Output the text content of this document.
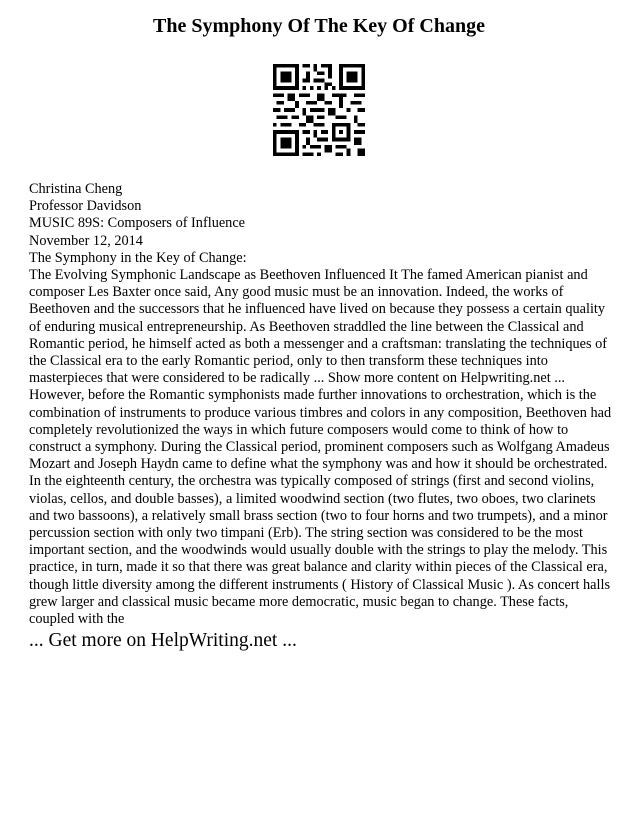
The Symphony Of The Key Of Change
Christina Cheng
Professor Davidson
MUSIC 89S: Composers of Influence
November 12, 2014
The Symphony in the Key of Change:
The Evolving Symphonic Landscape as Beethoven Influenced It The famed American pianist and composer Les Baxter once said, Any good music must be an innovation. Indeed, the works of Beethoven and the successors that he influenced have lived on because they possess a certain quality of enduring musical entrepreneurship. As Beethoven straddled the line between the Classical and Romantic period, he himself acted as both a messenger and a craftsman: translating the techniques of the Classical era to the early Romantic period, only to then transform these techniques into masterpieces that were considered to be radically ... Show more content on Helpwriting.net ... However, before the Romantic symphonists made further innovations to orchestration, which is the combination of instruments to produce various timbres and colors in any composition, Beethoven had completely revolutionized the ways in which future composers would come to think of how to construct a symphony. During the Classical period, prominent composers such as Wolfgang Amadeus Mozart and Joseph Haydn came to define what the symphony was and how it should be orchestrated. In the eighteenth century, the orchestra was typically composed of strings (first and second violins, violas, cellos, and double basses), a limited woodwind section (two flutes, two oboes, two clarinets and two bassoons), a relatively small brass section (two to four horns and two trumpets), and a minor percussion section with only two timpani (Erb). The string section was considered to be the most important section, and the woodwinds would usually double with the strings to play the melody. This practice, in turn, made it so that there was great balance and clarity within pieces of the Classical era, though little diversity among the different instruments ( History of Classical Music ). As concert halls grew larger and classical music became more democratic, music began to change. These facts, coupled with the
... Get more on HelpWriting.net ...
